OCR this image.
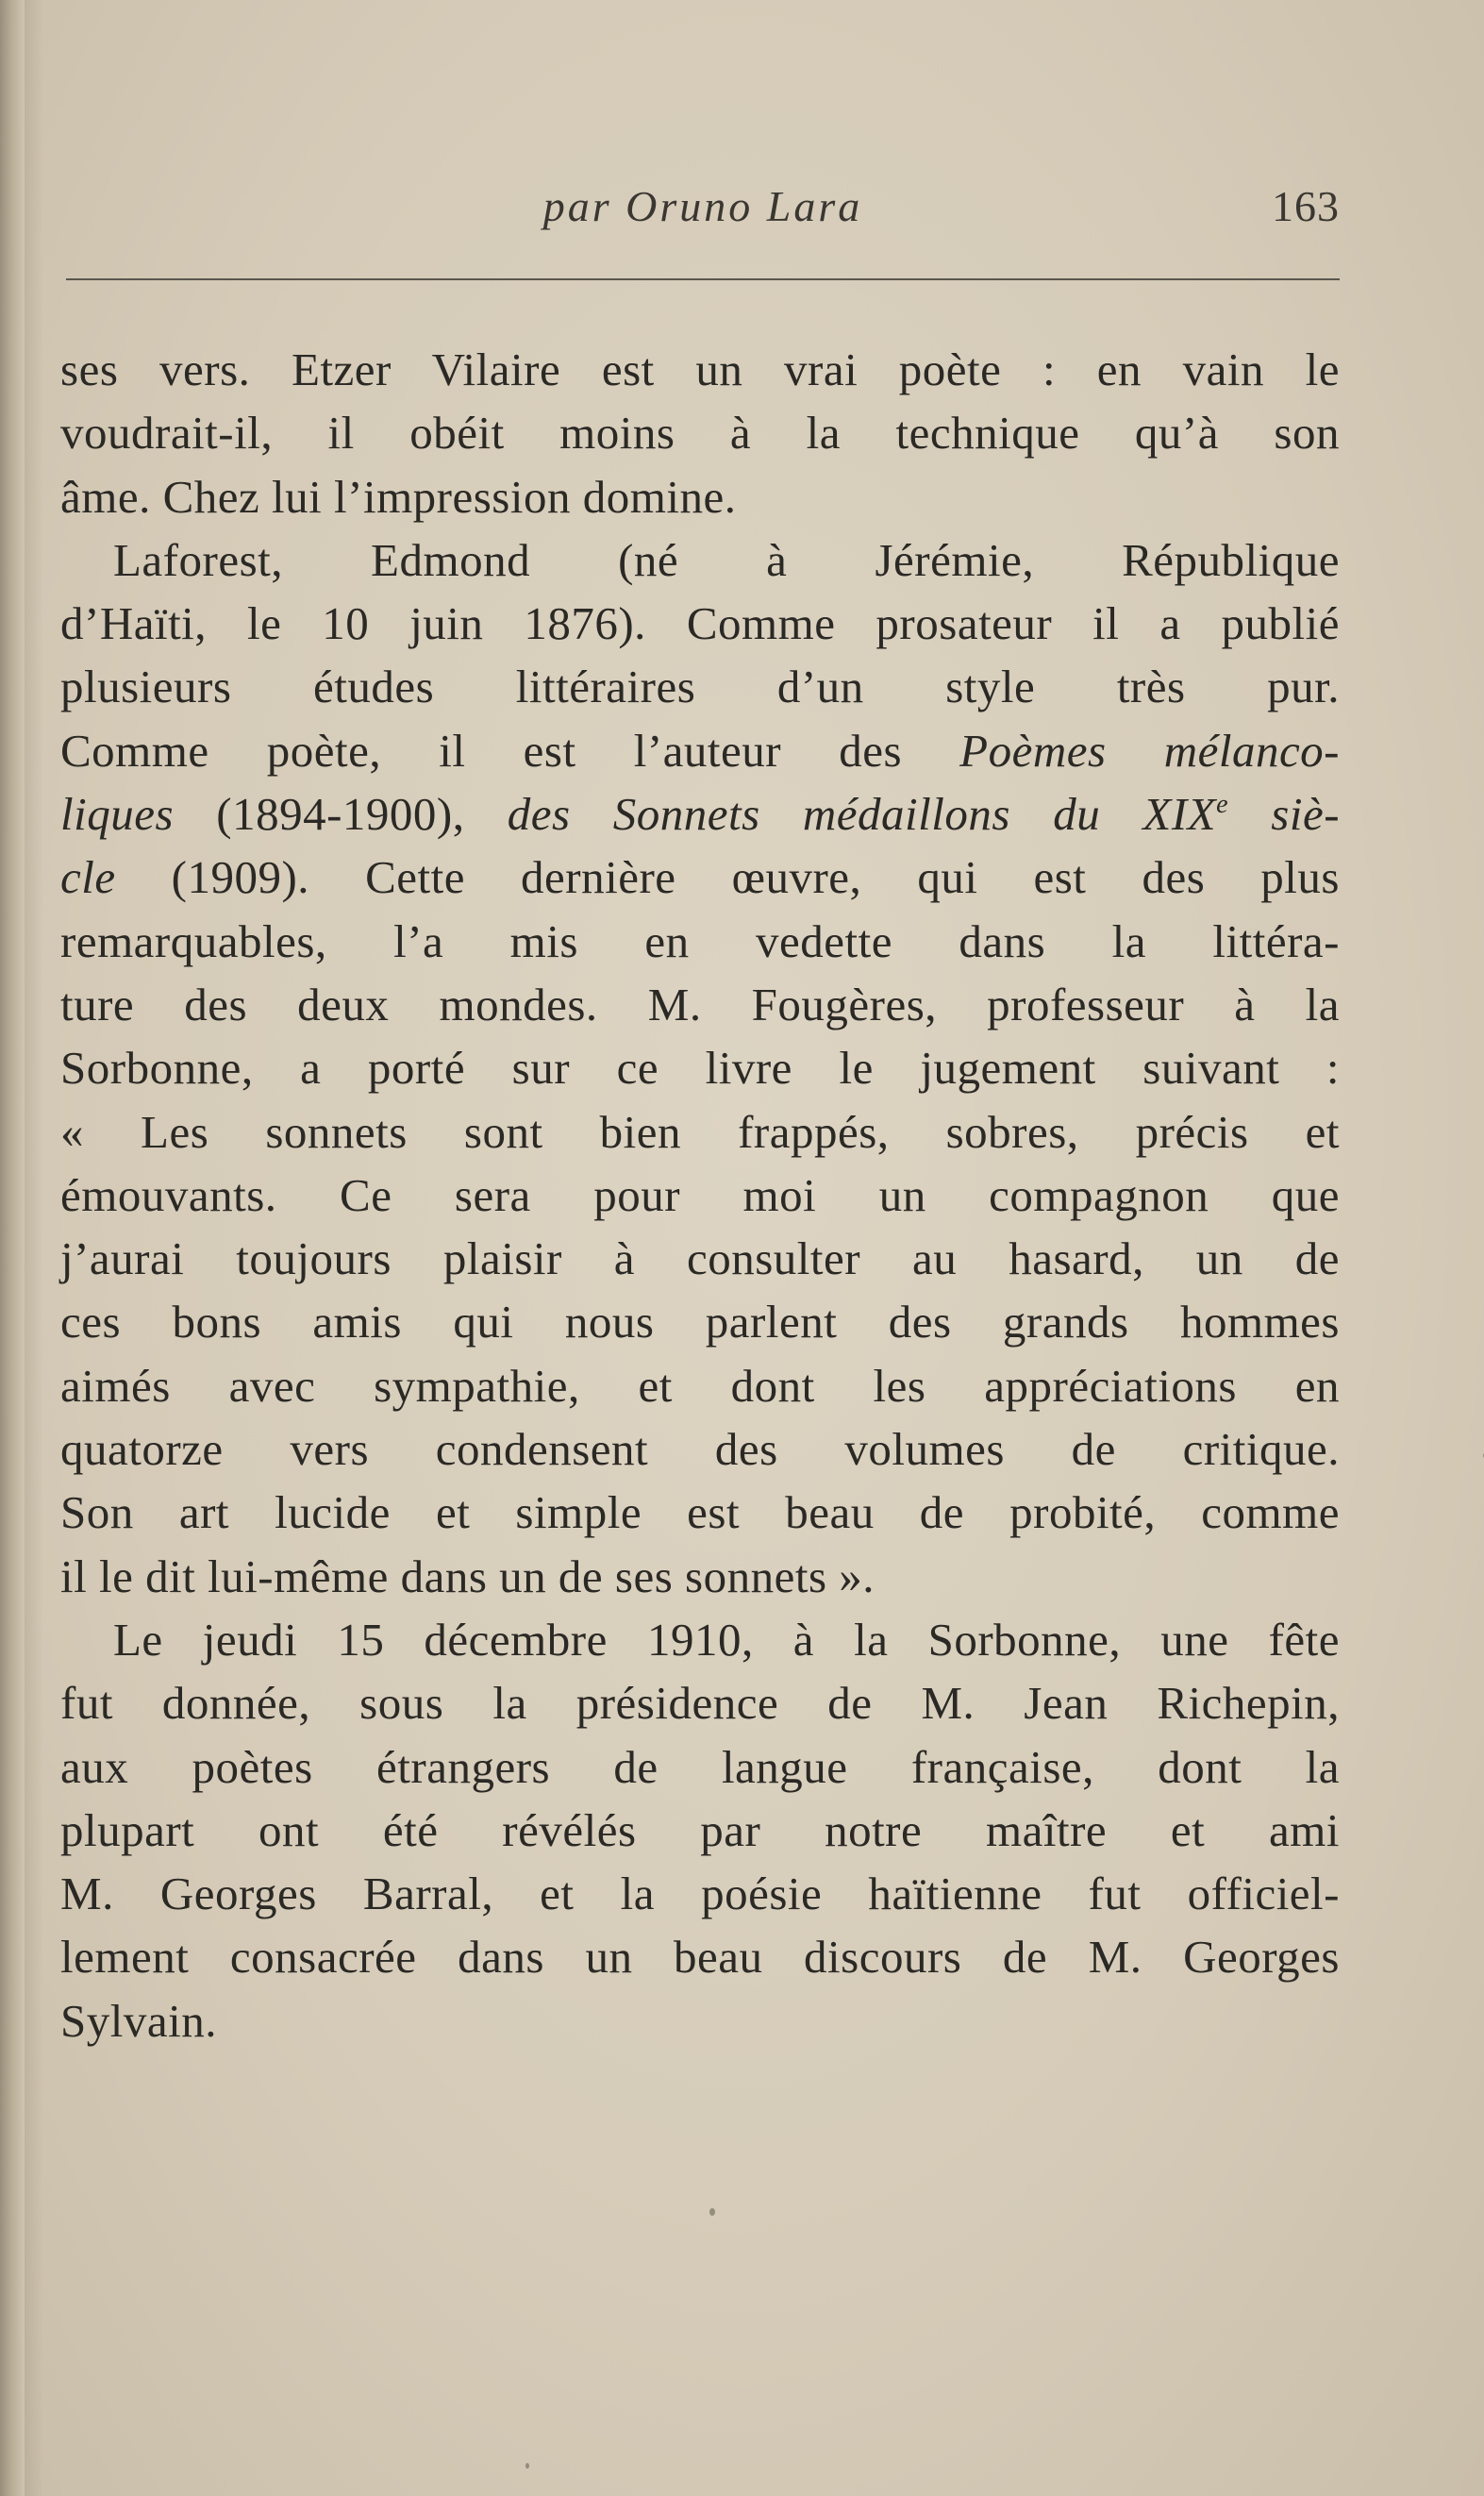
par Oruno Lara	163
ses vers. Etzer Vilaire est un vrai poète : en vain le
voudrait-il, il obéit moins à la technique qu’à son
âme. Chez lui l’impression domine.
Laforest, Edmond (né à Jérémie, République
d’Haïti, le 10 juin 1876). Comme prosateur il a publié
plusieurs études littéraires d’un style très pur.
Comme poète, il est l’auteur des Poèmes mélanco-
liques (1894-1900), des Sonnets médaillons du XIXe siè-
cle (1909). Cette dernière œuvre, qui est des plus
remarquables, l’a mis en vedette dans la littéra-
ture des deux mondes. M. Fougères, professeur à la
Sorbonne, a porté sur ce livre le jugement suivant :
« Les sonnets sont bien frappés, sobres, précis et
émouvants. Ce sera pour moi un compagnon que
j’aurai toujours plaisir à consulter au hasard, un de
ces bons amis qui nous parlent des grands hommes
aimés avec sympathie, et dont les appréciations en
quatorze vers condensent des volumes de critique.
Son art lucide et simple est beau de probité, comme
il le dit lui-même dans un de ses sonnets ».
Le jeudi 15 décembre 1910, à la Sorbonne, une fête
fut donnée, sous la présidence de M. Jean Richepin,
aux poètes étrangers de langue française, dont la
plupart ont été révélés par notre maître et ami
M. Georges Barral, et la poésie haïtienne fut officiel-
lement consacrée dans un beau discours de M. Georges
Sylvain.
